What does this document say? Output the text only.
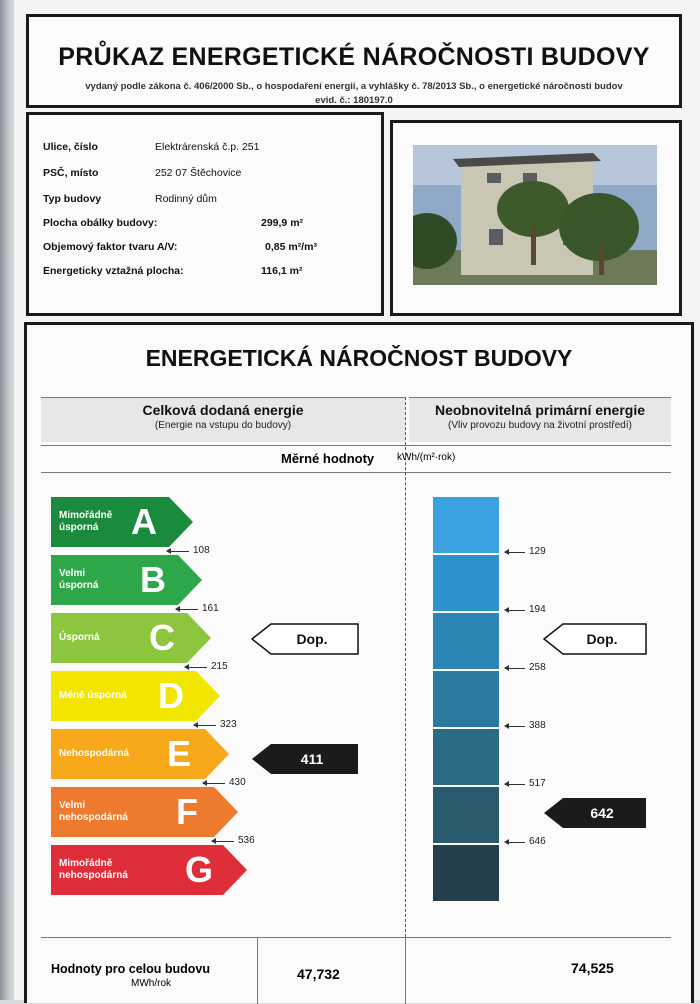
PRŮKAZ ENERGETICKÉ NÁROČNOSTI BUDOVY
vydaný podle zákona č. 406/2000 Sb., o hospodaření energií, a vyhlášky č. 78/2013 Sb., o energetické náročnosti budov
evid. č.: 180197.0
Ulice, číslo	Elektrárenská č.p. 251
PSČ, místo	252 07 Štěchovice
Typ budovy	Rodinný dům
Plocha obálky budovy:	299,9 m²
Objemový faktor tvaru A/V:	0,85 m²/m³
Energeticky vztažná plocha:	116,1 m²
ENERGETICKÁ NÁROČNOST BUDOVY
Celková dodaná energie
(Energie na vstupu do budovy)
Neobnovitelná primární energie
(Vliv provozu budovy na životní prostředí)
Měrné hodnoty kWh/(m²·rok)
Mimořádně
úsporná A
108
Velmi
úsporná B
161
Úsporná C
215
Méně úsporná D
323
Nehospodárná E
430
Velmi
nehospodárná F
536
Mimořádně
nehospodárná G
129
194
258
388
517
646
Dop.
411
Dop.
642
Hodnoty pro celou budovu
MWh/rok
47,732	74,525
